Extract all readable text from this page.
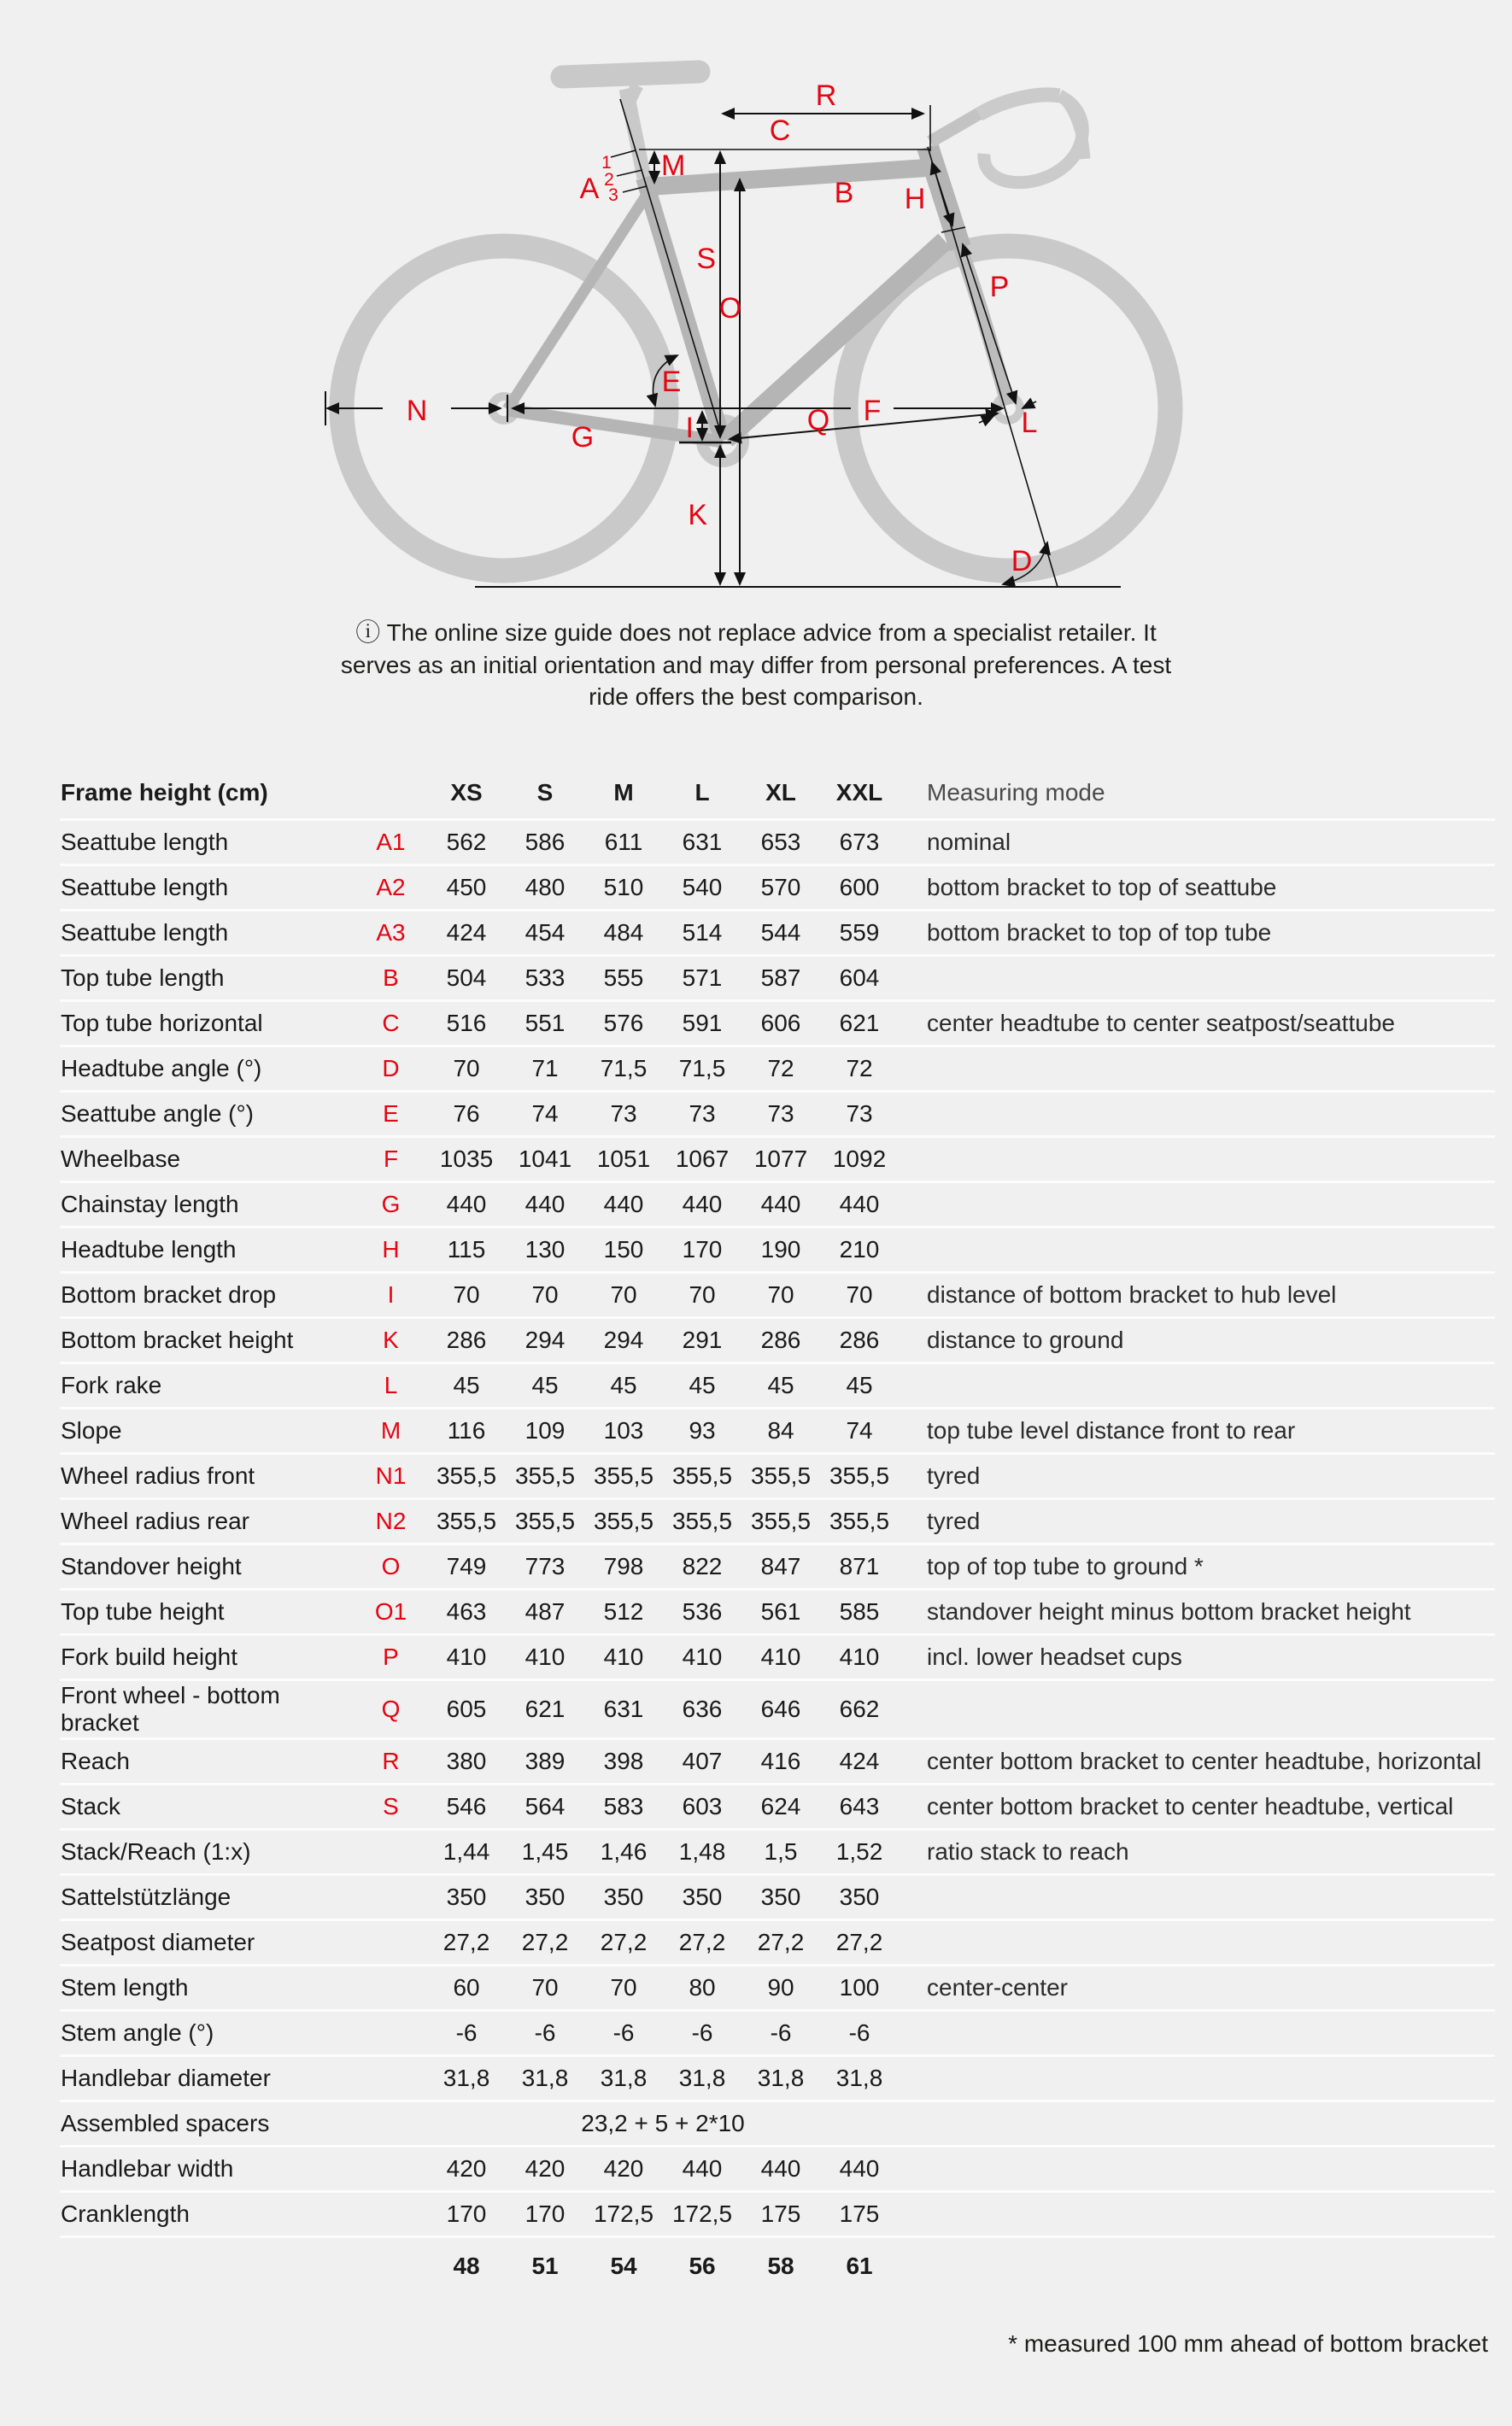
R
C
M
A
1
2
3	B H
S
O
P
E
N	F
G	I	Q	L
K
D
ⓘ The online size guide does not replace advice from a specialist retailer. It serves as an initial orientation and may differ from personal preferences. A test ride offers the best comparison.
Frame height (cm)		XS	S	M	L	XL	XXL	Measuring mode
Seattube length	A1	562	586	611	631	653	673	nominal
Seattube length	A2	450	480	510	540	570	600	bottom bracket to top of seattube
Seattube length	A3	424	454	484	514	544	559	bottom bracket to top of top tube
Top tube length	B	504	533	555	571	587	604	
Top tube horizontal	C	516	551	576	591	606	621	center headtube to center seatpost/seattube
Headtube angle (°)	D	70	71	71,5	71,5	72	72	
Seattube angle (°)	E	76	74	73	73	73	73	
Wheelbase	F	1035	1041	1051	1067	1077	1092	
Chainstay length	G	440	440	440	440	440	440	
Headtube length	H	115	130	150	170	190	210	
Bottom bracket drop	I	70	70	70	70	70	70	distance of bottom bracket to hub level
Bottom bracket height	K	286	294	294	291	286	286	distance to ground
Fork rake	L	45	45	45	45	45	45	
Slope	M	116	109	103	93	84	74	top tube level distance front to rear
Wheel radius front	N1	355,5	355,5	355,5	355,5	355,5	355,5	tyred
Wheel radius rear	N2	355,5	355,5	355,5	355,5	355,5	355,5	tyred
Standover height	O	749	773	798	822	847	871	top of top tube to ground *
Top tube height	O1	463	487	512	536	561	585	standover height minus bottom bracket height
Fork build height	P	410	410	410	410	410	410	incl. lower headset cups
Front wheel - bottom bracket	Q	605	621	631	636	646	662	
Reach	R	380	389	398	407	416	424	center bottom bracket to center headtube, horizontal
Stack	S	546	564	583	603	624	643	center bottom bracket to center headtube, vertical
Stack/Reach (1:x)		1,44	1,45	1,46	1,48	1,5	1,52	ratio stack to reach
Sattelstützlänge		350	350	350	350	350	350	
Seatpost diameter		27,2	27,2	27,2	27,2	27,2	27,2	
Stem length		60	70	70	80	90	100	center-center
Stem angle (°)		-6	-6	-6	-6	-6	-6	
Handlebar diameter		31,8	31,8	31,8	31,8	31,8	31,8	
Assembled spacers		23,2 + 5 + 2*10						
Handlebar width		420	420	420	440	440	440	
Cranklength		170	170	172,5	172,5	175	175	
		48	51	54	56	58	61	
* measured 100 mm ahead of bottom bracket
